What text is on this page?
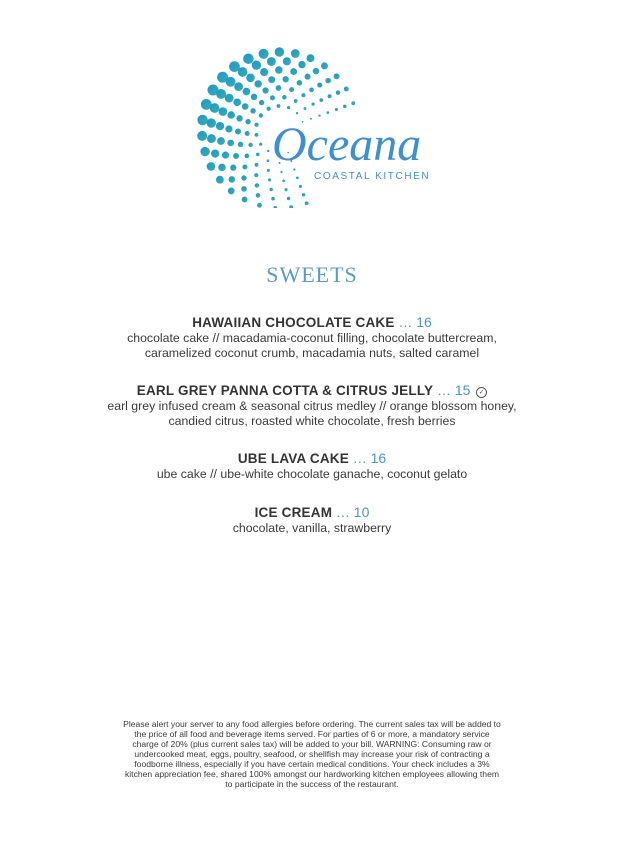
Oceana
COASTAL KITCHEN
SWEETS
HAWAIIAN CHOCOLATE CAKE … 16
chocolate cake // macadamia-coconut filling, chocolate buttercream,
caramelized coconut crumb, macadamia nuts, salted caramel
EARL GREY PANNA COTTA & CITRUS JELLY … 15 ✓
earl grey infused cream & seasonal citrus medley // orange blossom honey,
candied citrus, roasted white chocolate, fresh berries
UBE LAVA CAKE … 16
ube cake // ube-white chocolate ganache, coconut gelato
ICE CREAM … 10
chocolate, vanilla, strawberry
Please alert your server to any food allergies before ordering. The current sales tax will be added to
the price of all food and beverage items served. For parties of 6 or more, a mandatory service
charge of 20% (plus current sales tax) will be added to your bill. WARNING: Consuming raw or
undercooked meat, eggs, poultry, seafood, or shellfish may increase your risk of contracting a
foodborne illness, especially if you have certain medical conditions. Your check includes a 3%
kitchen appreciation fee, shared 100% amongst our hardworking kitchen employees allowing them
to participate in the success of the restaurant.
